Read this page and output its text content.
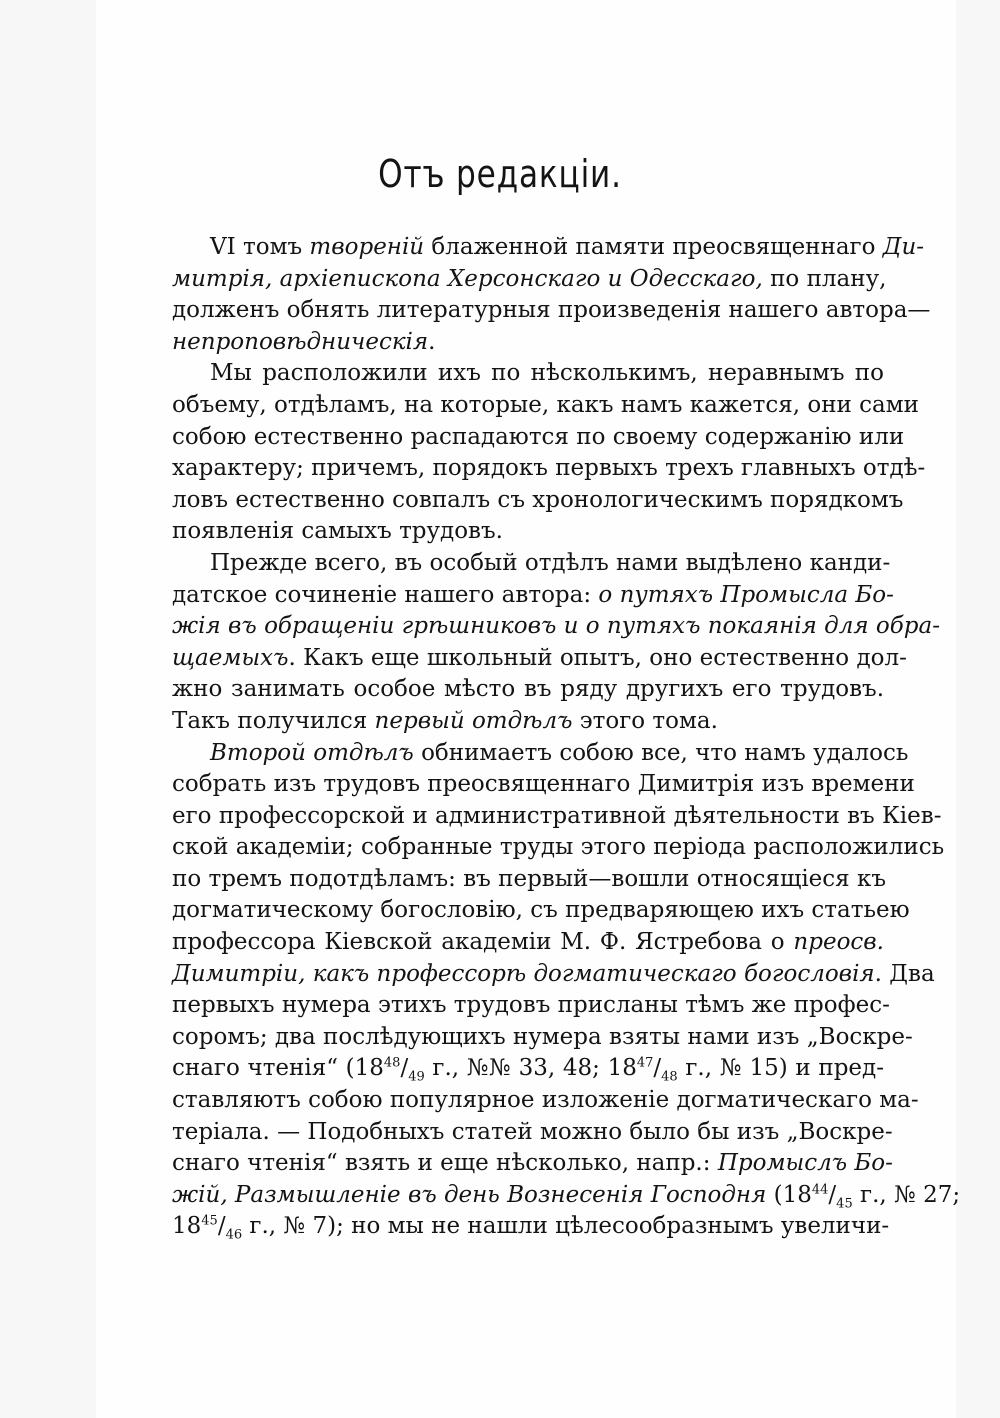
Отъ редакціи.
VI томъ твореній блаженной памяти преосвященнаго Ди-
митрія, архіепископа Херсонскаго и Одесскаго, по плану,
долженъ обнять литературныя произведенія нашего автора—
непроповѣдническія.
Мы расположили ихъ по нѣсколькимъ, неравнымъ по
объему, отдѣламъ, на которые, какъ намъ кажется, они сами
собою естественно распадаются по своему содержанію или
характеру; причемъ, порядокъ первыхъ трехъ главныхъ отдѣ-
ловъ естественно совпалъ съ хронологическимъ порядкомъ
появленія самыхъ трудовъ.
Прежде всего, въ особый отдѣлъ нами выдѣлено канди-
датское сочиненіе нашего автора: о путяхъ Промысла Бо-
жія въ обращеніи грѣшниковъ и о путяхъ покаянія для обра-
щаемыхъ. Какъ еще школьный опытъ, оно естественно дол-
жно занимать особое мѣсто въ ряду другихъ его трудовъ.
Такъ получился первый отдѣлъ этого тома.
Второй отдѣлъ обнимаетъ собою все, что намъ удалось
собрать изъ трудовъ преосвященнаго Димитрія изъ времени
его профессорской и административной дѣятельности въ Кіев-
ской академіи; собранные труды этого періода расположились
по тремъ подотдѣламъ: въ первый—вошли относящіеся къ
догматическому богословію, съ предваряющею ихъ статьею
профессора Кіевской академіи М. Ф. Ястребова о преосв.
Димитріи, какъ профессорѣ догматическаго богословія. Два
первыхъ нумера этихъ трудовъ присланы тѣмъ же профес-
соромъ; два послѣдующихъ нумера взяты нами изъ „Воскре-
снаго чтенія“ ($18^{48}/_{49}$ г., №№ 33, 48; $18^{47}/_{48}$ г., № 15) и пред-
ставляютъ собою популярное изложеніе догматическаго ма-
теріала. — Подобныхъ статей можно было бы изъ „Воскре-
снаго чтенія“ взять и еще нѣсколько, напр.: Промыслъ Бо-
жій, Размышленіе въ день Вознесенія Господня ($18^{44}/_{45}$ г., № 27;
$18^{45}/_{46}$ г., № 7); но мы не нашли цѣлесообразнымъ увеличи-
